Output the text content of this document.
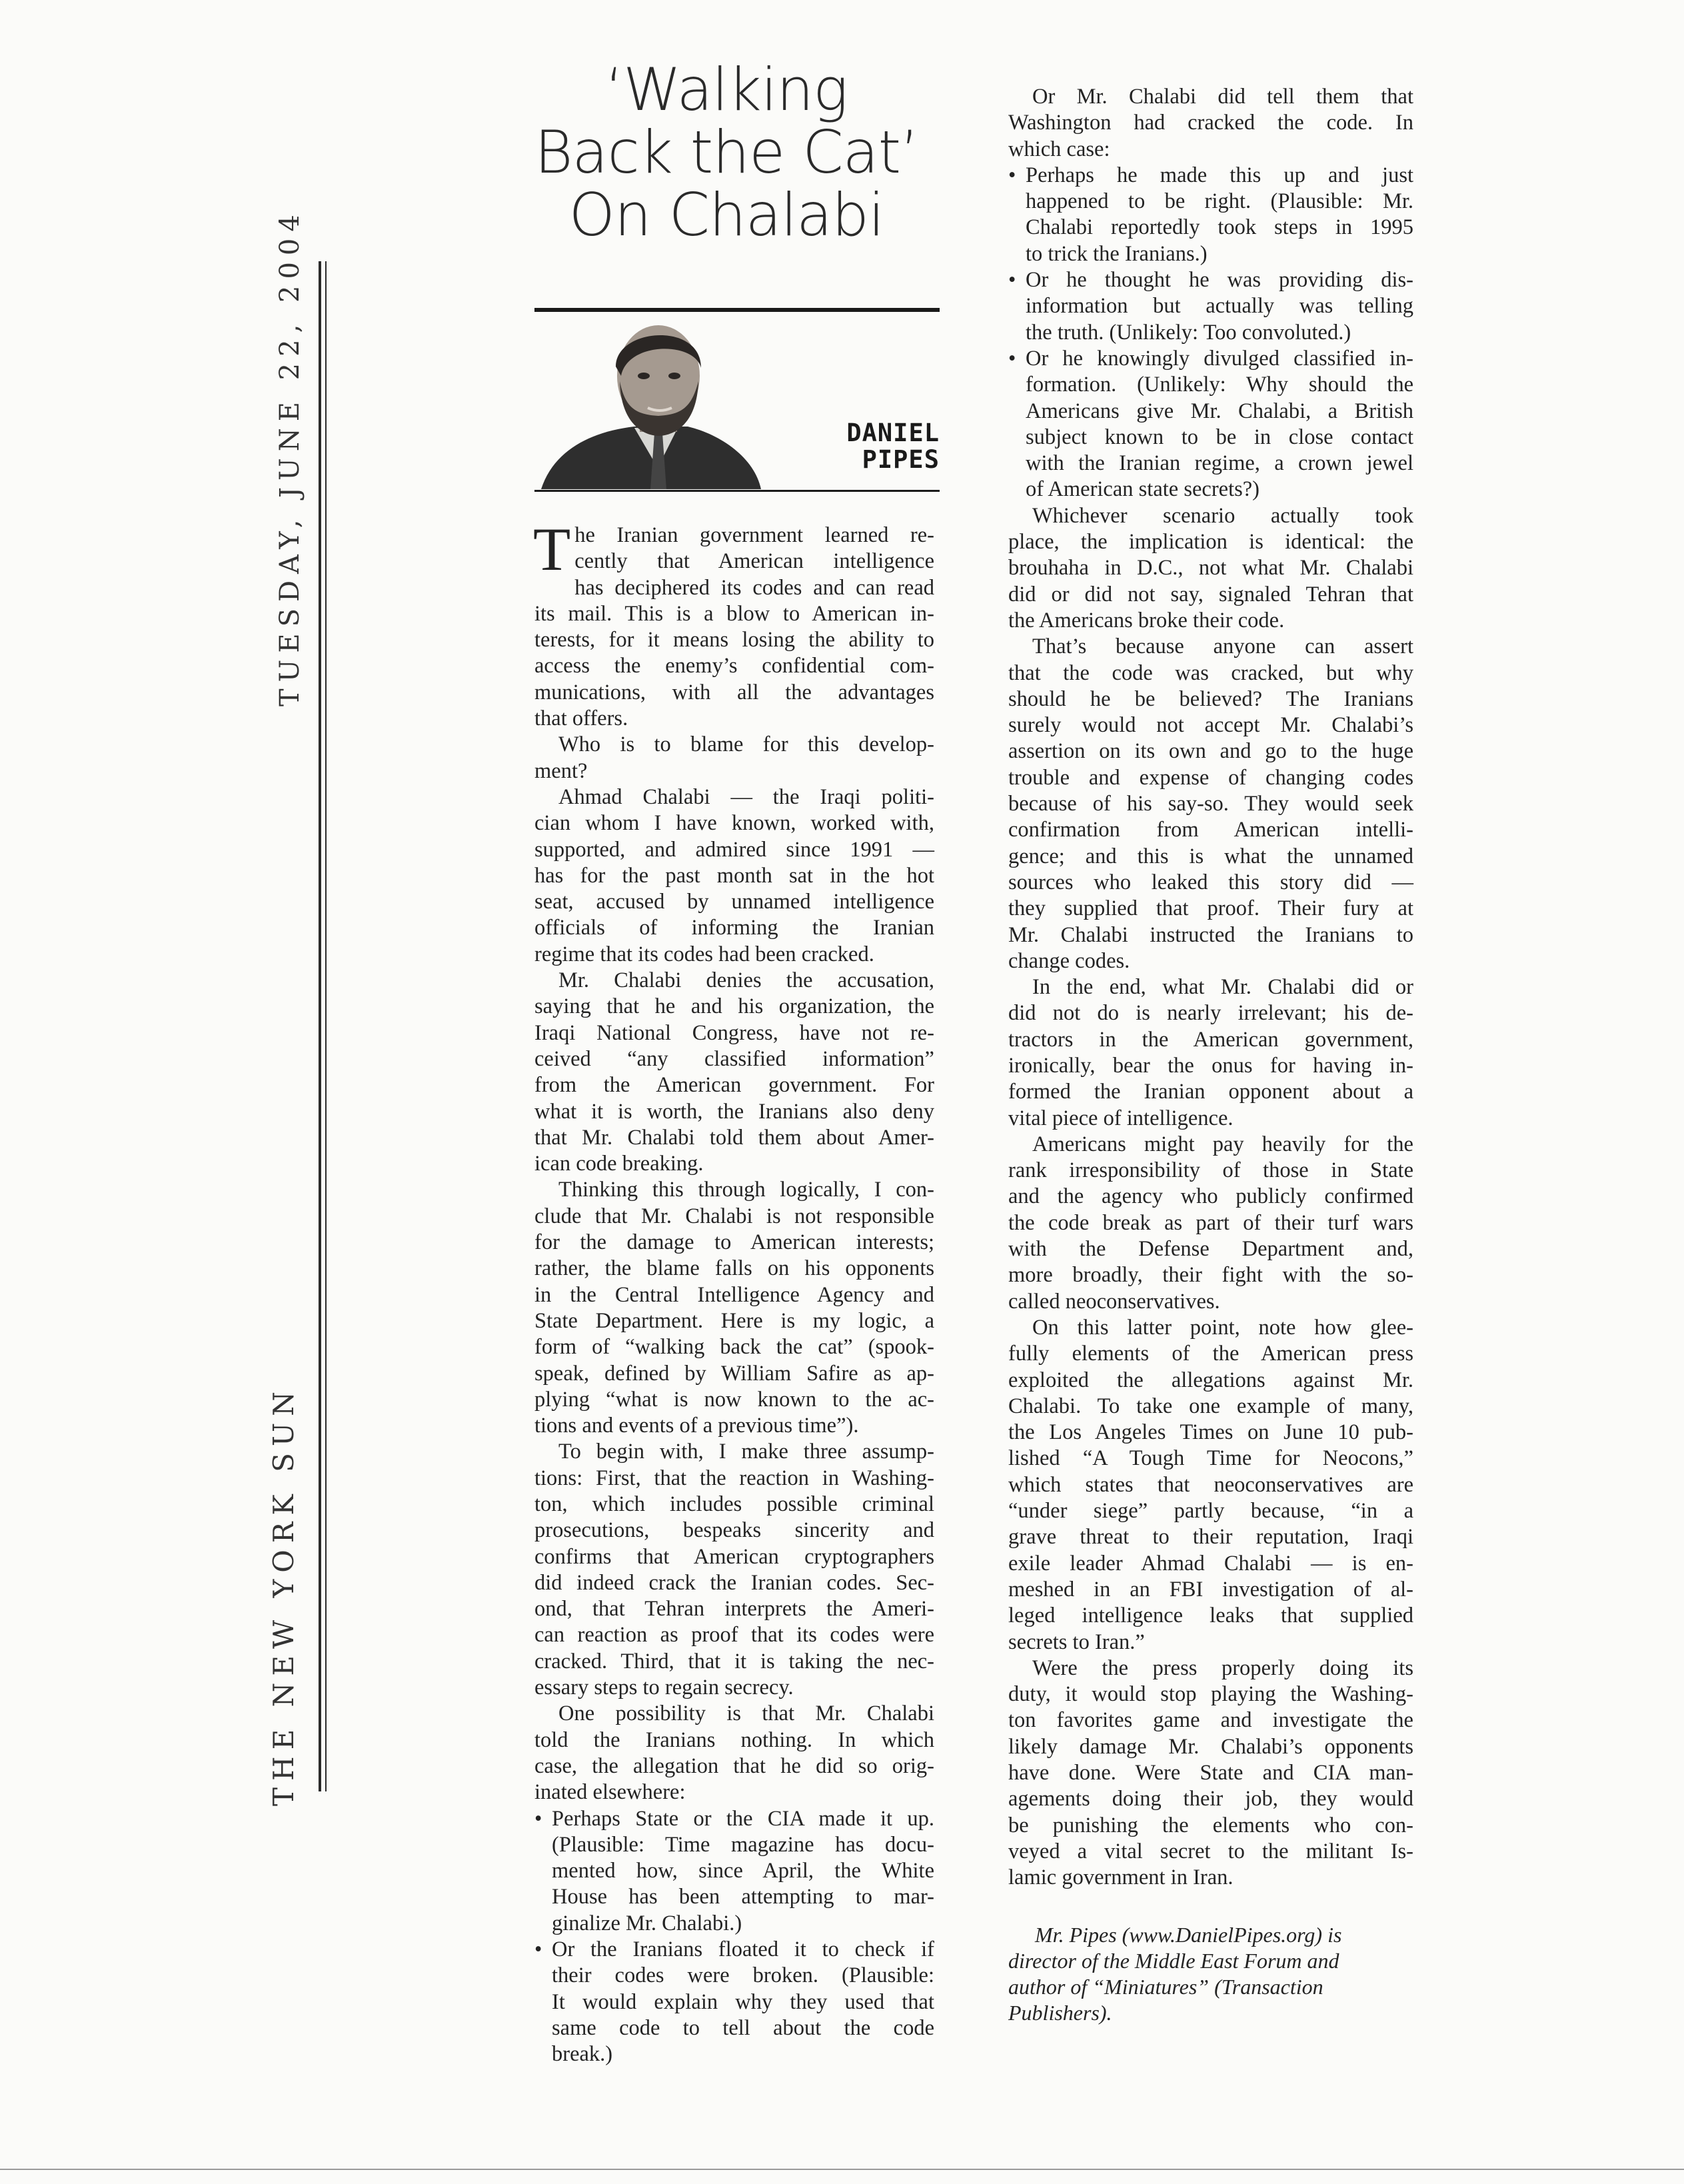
TUESDAY, JUNE 22, 2004
THE NEW YORK SUN
‘Walking
Back the Cat’
On Chalabi
DANIEL
PIPES
T he Iranian government learned re-
cently that American intelligence
has deciphered its codes and can read
its mail. This is a blow to American in-
terests, for it means losing the ability to
access the enemy’s confidential com-
munications, with all the advantages
that offers.
Who is to blame for this develop-
ment?
Ahmad Chalabi — the Iraqi politi-
cian whom I have known, worked with,
supported, and admired since 1991 —
has for the past month sat in the hot
seat, accused by unnamed intelligence
officials of informing the Iranian
regime that its codes had been cracked.
Mr. Chalabi denies the accusation,
saying that he and his organization, the
Iraqi National Congress, have not re-
ceived “any classified information”
from the American government. For
what it is worth, the Iranians also deny
that Mr. Chalabi told them about Amer-
ican code breaking.
Thinking this through logically, I con-
clude that Mr. Chalabi is not responsible
for the damage to American interests;
rather, the blame falls on his opponents
in the Central Intelligence Agency and
State Department. Here is my logic, a
form of “walking back the cat” (spook-
speak, defined by William Safire as ap-
plying “what is now known to the ac-
tions and events of a previous time”).
To begin with, I make three assump-
tions: First, that the reaction in Washing-
ton, which includes possible criminal
prosecutions, bespeaks sincerity and
confirms that American cryptographers
did indeed crack the Iranian codes. Sec-
ond, that Tehran interprets the Ameri-
can reaction as proof that its codes were
cracked. Third, that it is taking the nec-
essary steps to regain secrecy.
One possibility is that Mr. Chalabi
told the Iranians nothing. In which
case, the allegation that he did so orig-
inated elsewhere:
• Perhaps State or the CIA made it up.
(Plausible: Time magazine has docu-
mented how, since April, the White
House has been attempting to mar-
ginalize Mr. Chalabi.)
• Or the Iranians floated it to check if
their codes were broken. (Plausible:
It would explain why they used that
same code to tell about the code
break.)
Or Mr. Chalabi did tell them that
Washington had cracked the code. In
which case:
• Perhaps he made this up and just
happened to be right. (Plausible: Mr.
Chalabi reportedly took steps in 1995
to trick the Iranians.)
• Or he thought he was providing dis-
information but actually was telling
the truth. (Unlikely: Too convoluted.)
• Or he knowingly divulged classified in-
formation. (Unlikely: Why should the
Americans give Mr. Chalabi, a British
subject known to be in close contact
with the Iranian regime, a crown jewel
of American state secrets?)
Whichever scenario actually took
place, the implication is identical: the
brouhaha in D.C., not what Mr. Chalabi
did or did not say, signaled Tehran that
the Americans broke their code.
That’s because anyone can assert
that the code was cracked, but why
should he be believed? The Iranians
surely would not accept Mr. Chalabi’s
assertion on its own and go to the huge
trouble and expense of changing codes
because of his say-so. They would seek
confirmation from American intelli-
gence; and this is what the unnamed
sources who leaked this story did —
they supplied that proof. Their fury at
Mr. Chalabi instructed the Iranians to
change codes.
In the end, what Mr. Chalabi did or
did not do is nearly irrelevant; his de-
tractors in the American government,
ironically, bear the onus for having in-
formed the Iranian opponent about a
vital piece of intelligence.
Americans might pay heavily for the
rank irresponsibility of those in State
and the agency who publicly confirmed
the code break as part of their turf wars
with the Defense Department and,
more broadly, their fight with the so-
called neoconservatives.
On this latter point, note how glee-
fully elements of the American press
exploited the allegations against Mr.
Chalabi. To take one example of many,
the Los Angeles Times on June 10 pub-
lished “A Tough Time for Neocons,”
which states that neoconservatives are
“under siege” partly because, “in a
grave threat to their reputation, Iraqi
exile leader Ahmad Chalabi — is en-
meshed in an FBI investigation of al-
leged intelligence leaks that supplied
secrets to Iran.”
Were the press properly doing its
duty, it would stop playing the Washing-
ton favorites game and investigate the
likely damage Mr. Chalabi’s opponents
have done. Were State and CIA man-
agements doing their job, they would
be punishing the elements who con-
veyed a vital secret to the militant Is-
lamic government in Iran.
Mr. Pipes (www.DanielPipes.org) is
director of the Middle East Forum and
author of “Miniatures” (Transaction
Publishers).
